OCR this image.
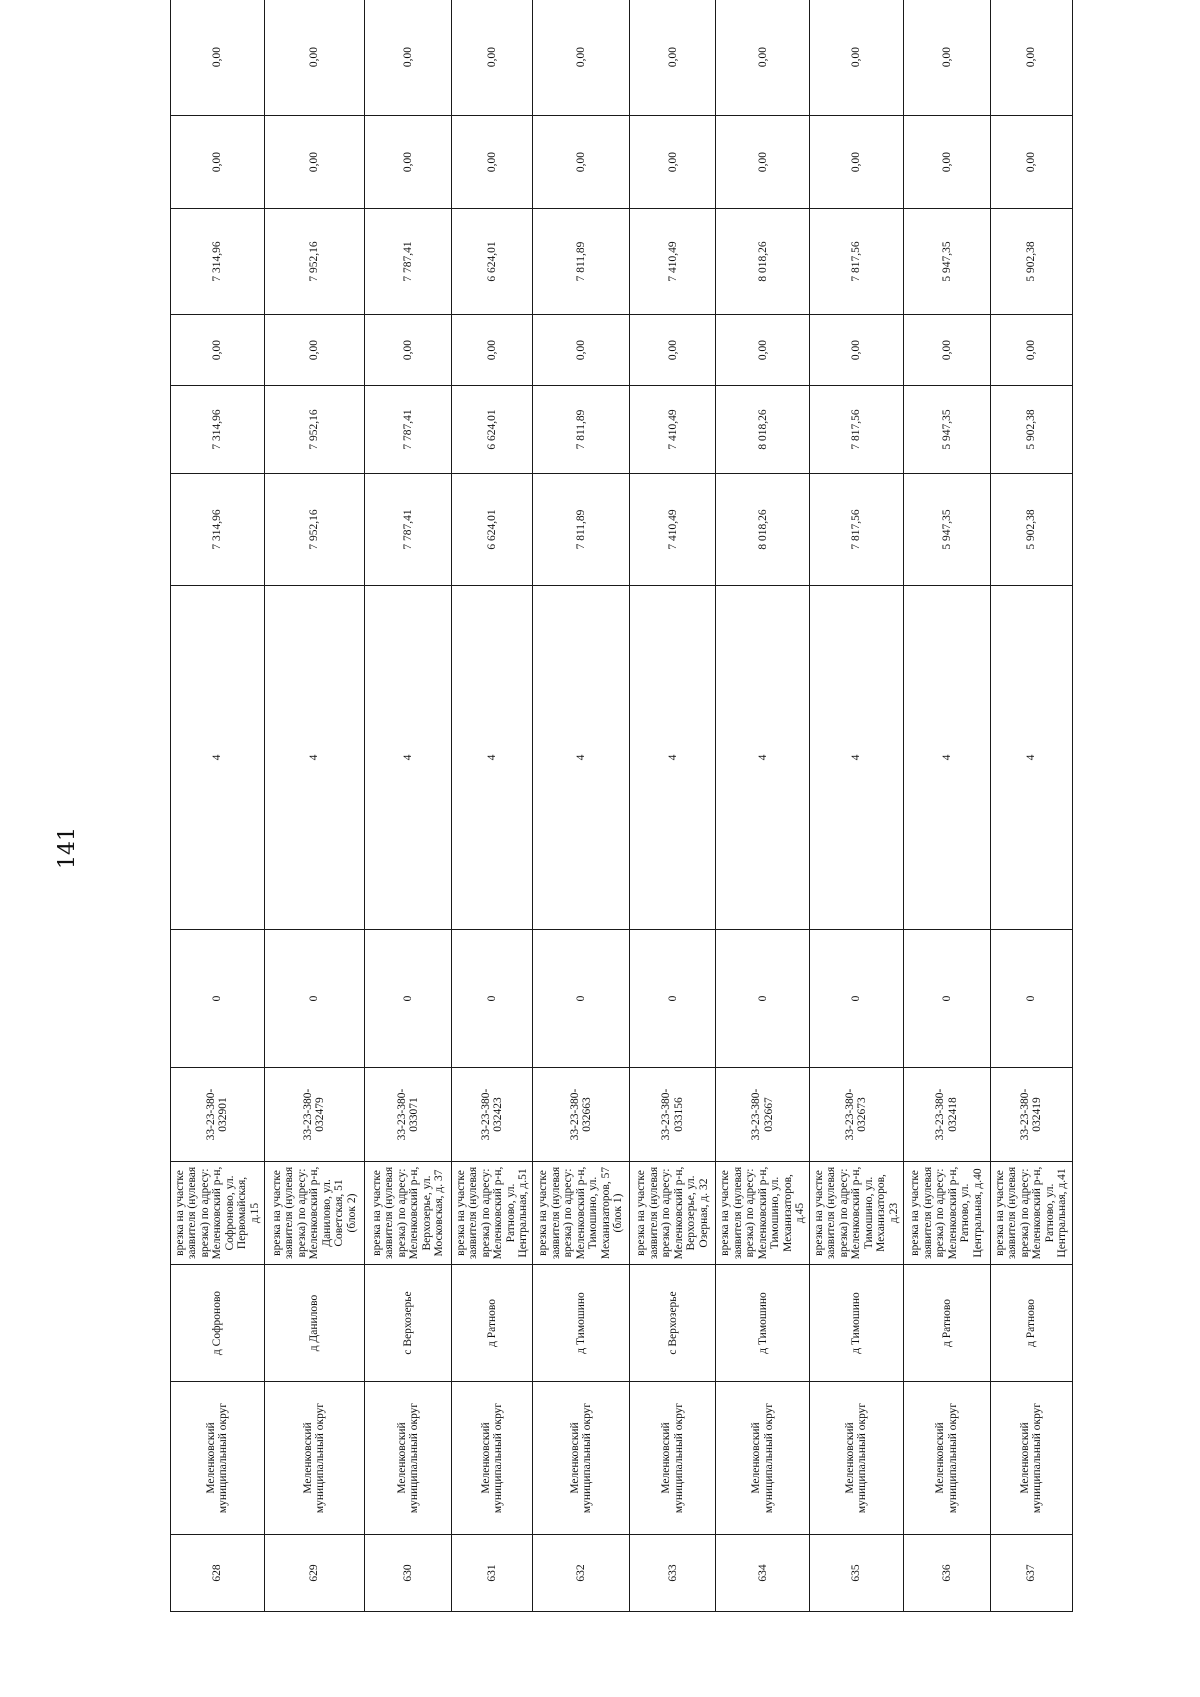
141
628	Меленковский муниципальный округ	д Софроново	врезка на участке заявителя (нулевая врезка) по адресу: Меленковский р-н, Софроново, ул. Первомайская, д.15	33-23-380-032901	0	4	7 314,96	7 314,96	0,00	7 314,96	0,00	0,00
629	Меленковский муниципальный округ	д Данилово	врезка на участке заявителя (нулевая врезка) по адресу: Меленковский р-н, Данилово, ул. Советская, 51 (блок 2)	33-23-380-032479	0	4	7 952,16	7 952,16	0,00	7 952,16	0,00	0,00
630	Меленковский муниципальный округ	с Верхозерье	врезка на участке заявителя (нулевая врезка) по адресу: Меленковский р-н, Верхозерье, ул. Московская, д. 37	33-23-380-033071	0	4	7 787,41	7 787,41	0,00	7 787,41	0,00	0,00
631	Меленковский муниципальный округ	д Ратново	врезка на участке заявителя (нулевая врезка) по адресу: Меленковский р-н, Ратново, ул. Центральная, д.51	33-23-380-032423	0	4	6 624,01	6 624,01	0,00	6 624,01	0,00	0,00
632	Меленковский муниципальный округ	д Тимошино	врезка на участке заявителя (нулевая врезка) по адресу: Меленковский р-н, Тимошино, ул. Механизаторов, 57 (блок 1)	33-23-380-032663	0	4	7 811,89	7 811,89	0,00	7 811,89	0,00	0,00
633	Меленковский муниципальный округ	с Верхозерье	врезка на участке заявителя (нулевая врезка) по адресу: Меленковский р-н, Верхозерье, ул. Озерная, д. 32	33-23-380-033156	0	4	7 410,49	7 410,49	0,00	7 410,49	0,00	0,00
634	Меленковский муниципальный округ	д Тимошино	врезка на участке заявителя (нулевая врезка) по адресу: Меленковский р-н, Тимошино, ул. Механизаторов, д.45	33-23-380-032667	0	4	8 018,26	8 018,26	0,00	8 018,26	0,00	0,00
635	Меленковский муниципальный округ	д Тимошино	врезка на участке заявителя (нулевая врезка) по адресу: Меленковский р-н, Тимошино, ул. Механизаторов, д.23	33-23-380-032673	0	4	7 817,56	7 817,56	0,00	7 817,56	0,00	0,00
636	Меленковский муниципальный округ	д Ратново	врезка на участке заявителя (нулевая врезка) по адресу: Меленковский р-н, Ратново, ул. Центральная, д.40	33-23-380-032418	0	4	5 947,35	5 947,35	0,00	5 947,35	0,00	0,00
637	Меленковский муниципальный округ	д Ратново	врезка на участке заявителя (нулевая врезка) по адресу: Меленковский р-н, Ратново, ул. Центральная, д.41	33-23-380-032419	0	4	5 902,38	5 902,38	0,00	5 902,38	0,00	0,00
